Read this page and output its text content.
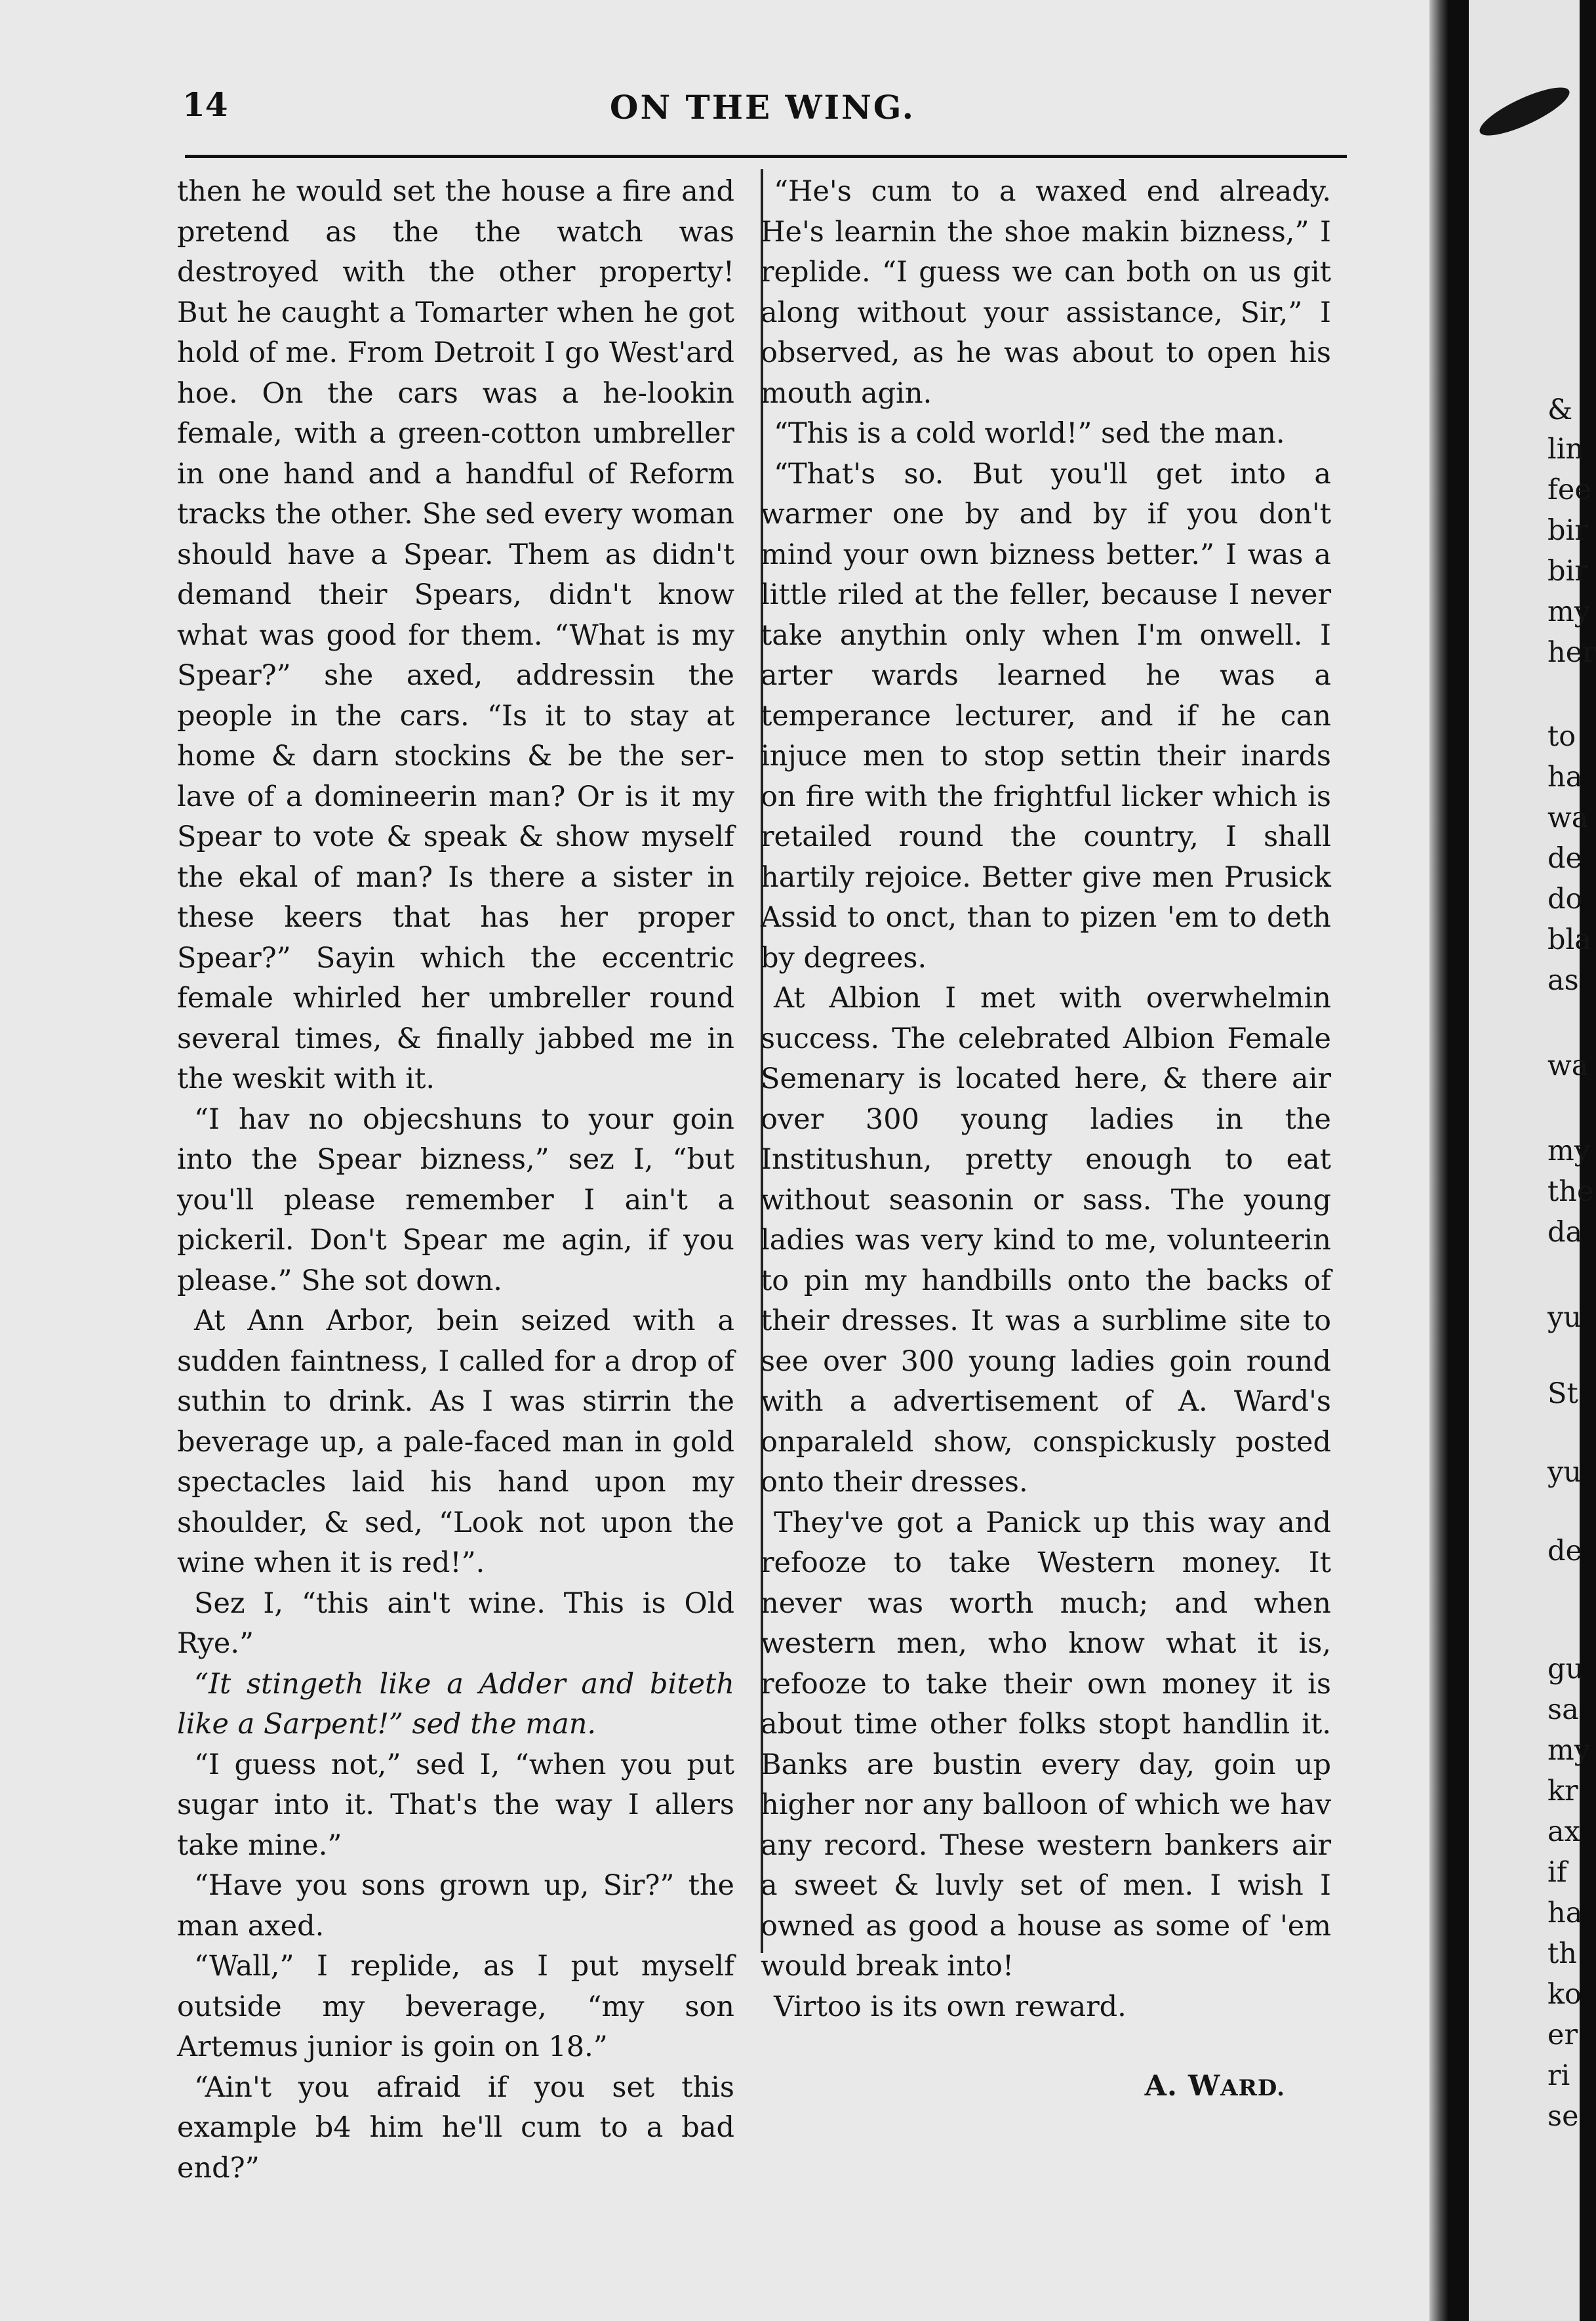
14	ON THE WING.

then he would set the house a fire and pretend as the the watch was destroyed with the other property! But he caught a Tomarter when he got hold of me. From Detroit I go West'ard hoe. On the cars was a he-lookin female, with a green-cotton umbreller in one hand and a handful of Reform tracks the other. She sed every woman should have a Spear. Them as didn't demand their Spears, didn't know what was good for them. “What is my Spear?” she axed, addressin the people in the cars. “Is it to stay at home & darn stockins & be the ser-lave of a domineerin man? Or is it my Spear to vote & speak & show myself the ekal of man? Is there a sister in these keers that has her proper Spear?” Sayin which the eccentric female whirled her umbreller round several times, & finally jabbed me in the weskit with it.

“I hav no objecshuns to your goin into the Spear bizness,” sez I, “but you'll please remember I ain't a pickeril. Don't Spear me agin, if you please.” She sot down.

At Ann Arbor, bein seized with a sudden faintness, I called for a drop of suthin to drink. As I was stirrin the beverage up, a pale-faced man in gold spectacles laid his hand upon my shoulder, & sed, “Look not upon the wine when it is red!”.

Sez I, “this ain't wine. This is Old Rye.”

“It stingeth like a Adder and biteth like a Sarpent!” sed the man.

“I guess not,” sed I, “when you put sugar into it. That's the way I allers take mine.”

“Have you sons grown up, Sir?” the man axed.

“Wall,” I replide, as I put myself outside my beverage, “my son Artemus junior is goin on 18.”

“Ain't you afraid if you set this example b4 him he'll cum to a bad end?”

“He's cum to a waxed end already. He's learnin the shoe makin bizness,” I replide. “I guess we can both on us git along without your assistance, Sir,” I observed, as he was about to open his mouth agin.

“This is a cold world!” sed the man.

“That's so. But you'll get into a warmer one by and by if you don't mind your own bizness better.” I was a little riled at the feller, because I never take anythin only when I'm onwell. I arter wards learned he was a temperance lecturer, and if he can injuce men to stop settin their inards on fire with the frightful licker which is retailed round the country, I shall hartily rejoice. Better give men Prusick Assid to onct, than to pizen 'em to deth by degrees.

At Albion I met with overwhelmin success. The celebrated Albion Female Semenary is located here, & there air over 300 young ladies in the Institushun, pretty enough to eat without seasonin or sass. The young ladies was very kind to me, volunteerin to pin my handbills onto the backs of their dresses. It was a surblime site to see over 300 young ladies goin round with a advertisement of A. Ward's onparaleld show, conspickusly posted onto their dresses.

They've got a Panick up this way and refooze to take Western money. It never was worth much; and when western men, who know what it is, refooze to take their own money it is about time other folks stopt handlin it. Banks are bustin every day, goin up higher nor any balloon of which we hav any record. These western bankers air a sweet & luvly set of men. I wish I owned as good a house as some of 'em would break into!

Virtoo is its own reward.

A. WARD.

&
lin
fee
bir
bir
my
her
to
ha
wa
de
do
bla
as
wa
my
the
da
yu
St
yu
de
gu
sa
my
kr
ax
if
ha
th
ko
er
ri
se
